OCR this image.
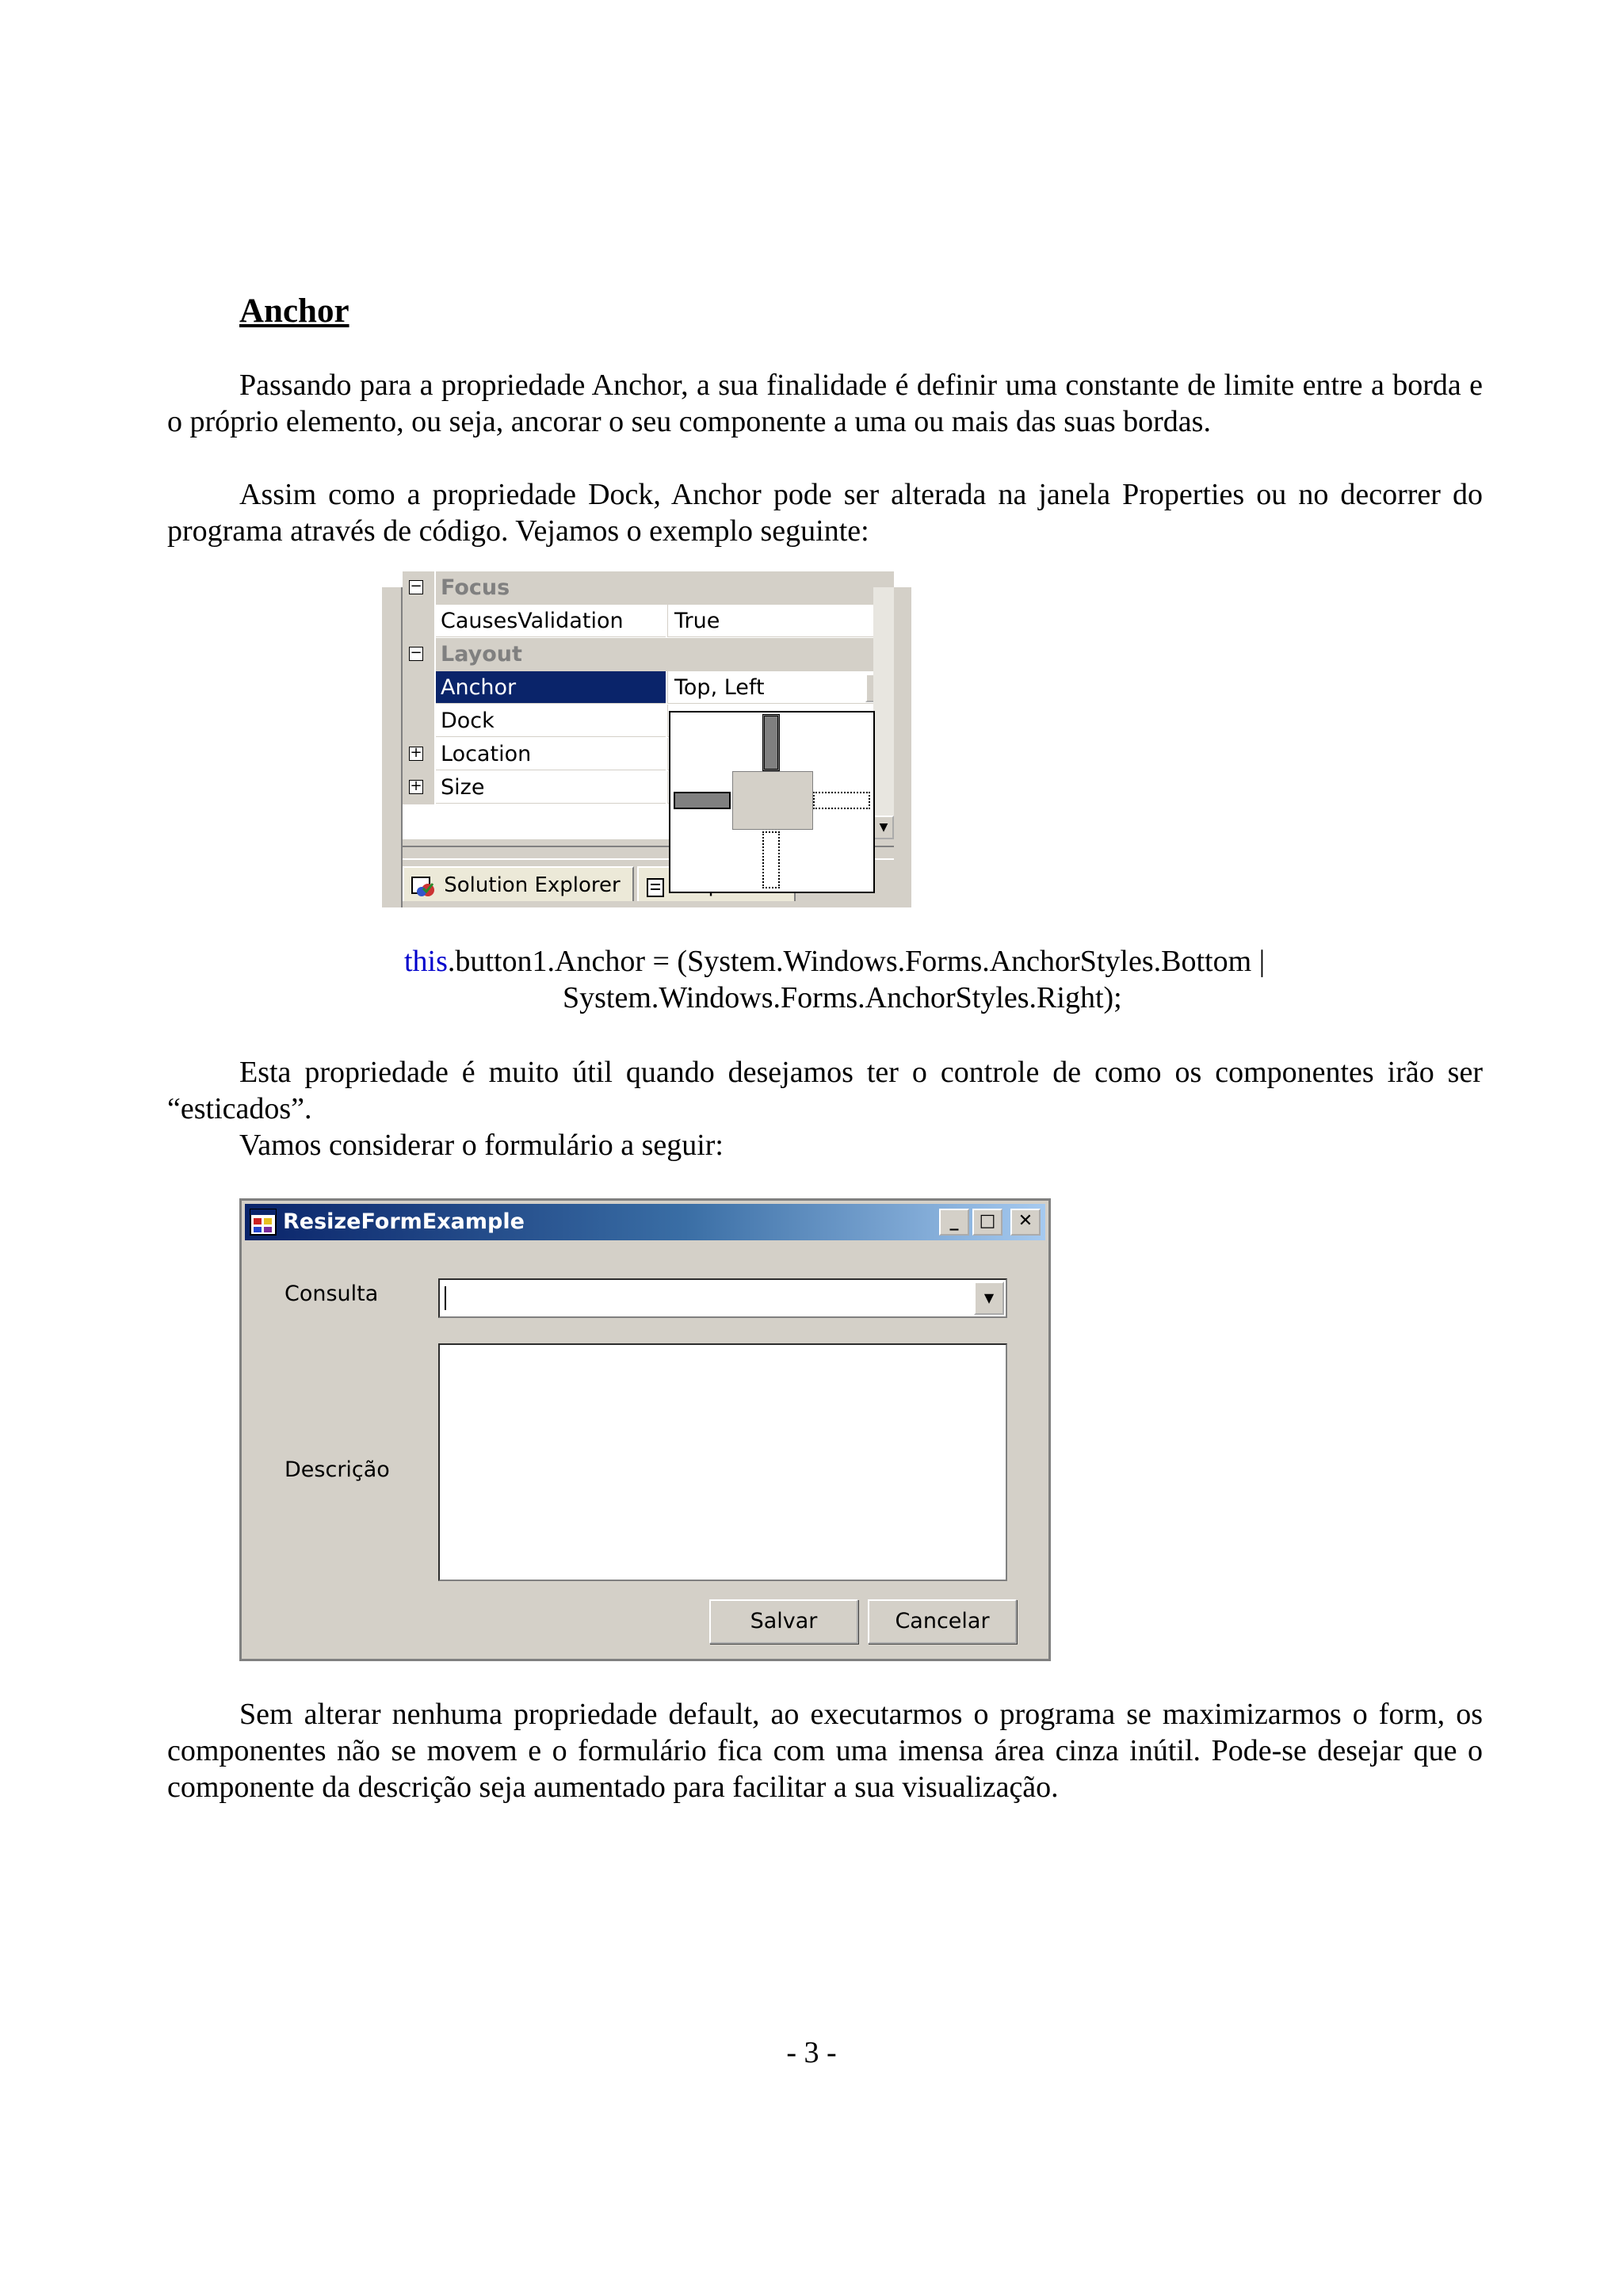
Anchor
Passando para a propriedade Anchor, a sua finalidade é definir uma constante de limite entre a borda e o próprio elemento, ou seja, ancorar o seu componente a uma ou mais das suas bordas.
Assim como a propriedade Dock, Anchor pode ser alterada na janela Properties ou no decorrer do programa através de código. Vejamos o exemplo seguinte:
− Focus
CausesValidation	True
− Layout
Anchor	Top, Left
Dock
+ Location
+ Size
▼
Solution Explorer
this.button1.Anchor = (System.Windows.Forms.AnchorStyles.Bottom |
System.Windows.Forms.AnchorStyles.Right);
Esta propriedade é muito útil quando desejamos ter o controle de como os componentes irão ser “esticados”.
Vamos considerar o formulário a seguir:
ResizeFormExample	_	□	✕
Consulta	▼
Descrição
Salvar	Cancelar
Sem alterar nenhuma propriedade default, ao executarmos o programa se maximizarmos o form, os componentes não se movem e o formulário fica com uma imensa área cinza inútil. Pode-se desejar que o componente da descrição seja aumentado para facilitar a sua visualização.
- 3 -
